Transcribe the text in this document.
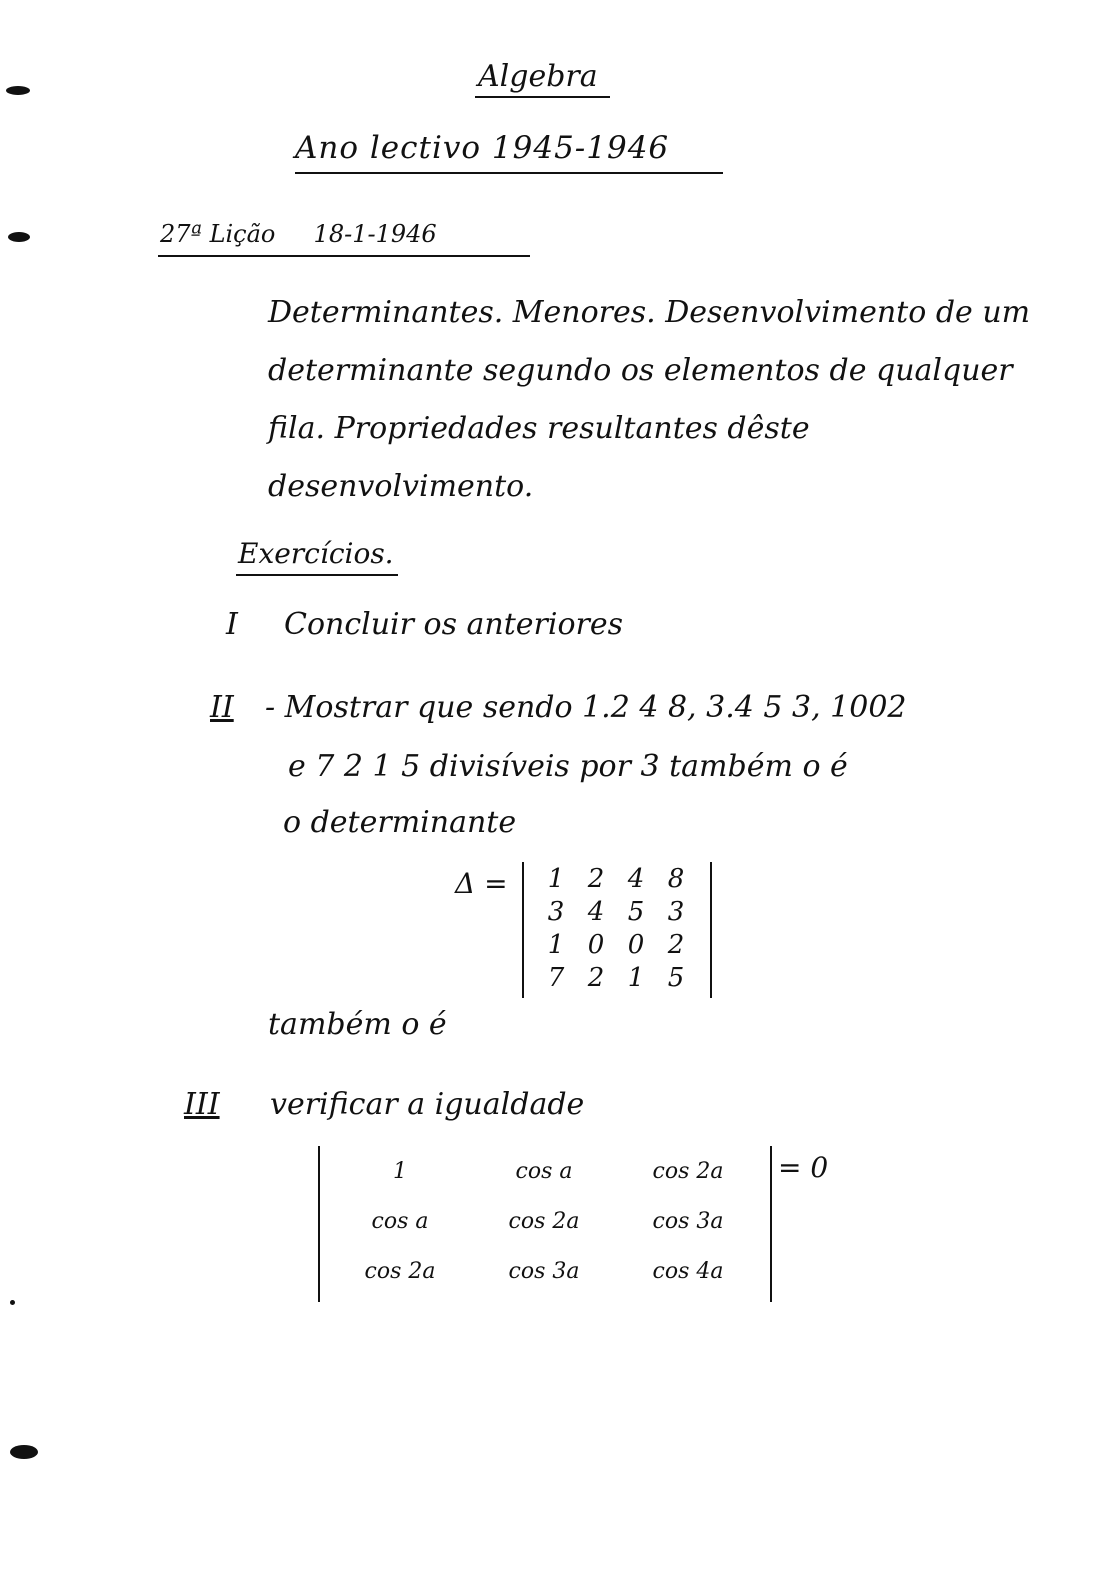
Algebra
Ano lectivo 1945-1946
27ª Lição 18-1-1946
Determinantes. Menores. Desenvolvimento de um determinante segundo os elementos de qualquer fila. Propriedades resultantes dêste desenvolvimento.
Exercícios.
I Concluir os anteriores
II - Mostrar que sendo 1.2 4 8, 3.4 5 3, 1002
e 7 2 1 5 divisíveis por 3 também o é
o determinante
Δ = 1	2	4	8
3	4	5	3
1	0	0	2
7	2	1	5
também o é
III verificar a igualdade
1	cos a	cos 2a
cos a	cos 2a	cos 3a
cos 2a	cos 3a	cos 4a
= 0
